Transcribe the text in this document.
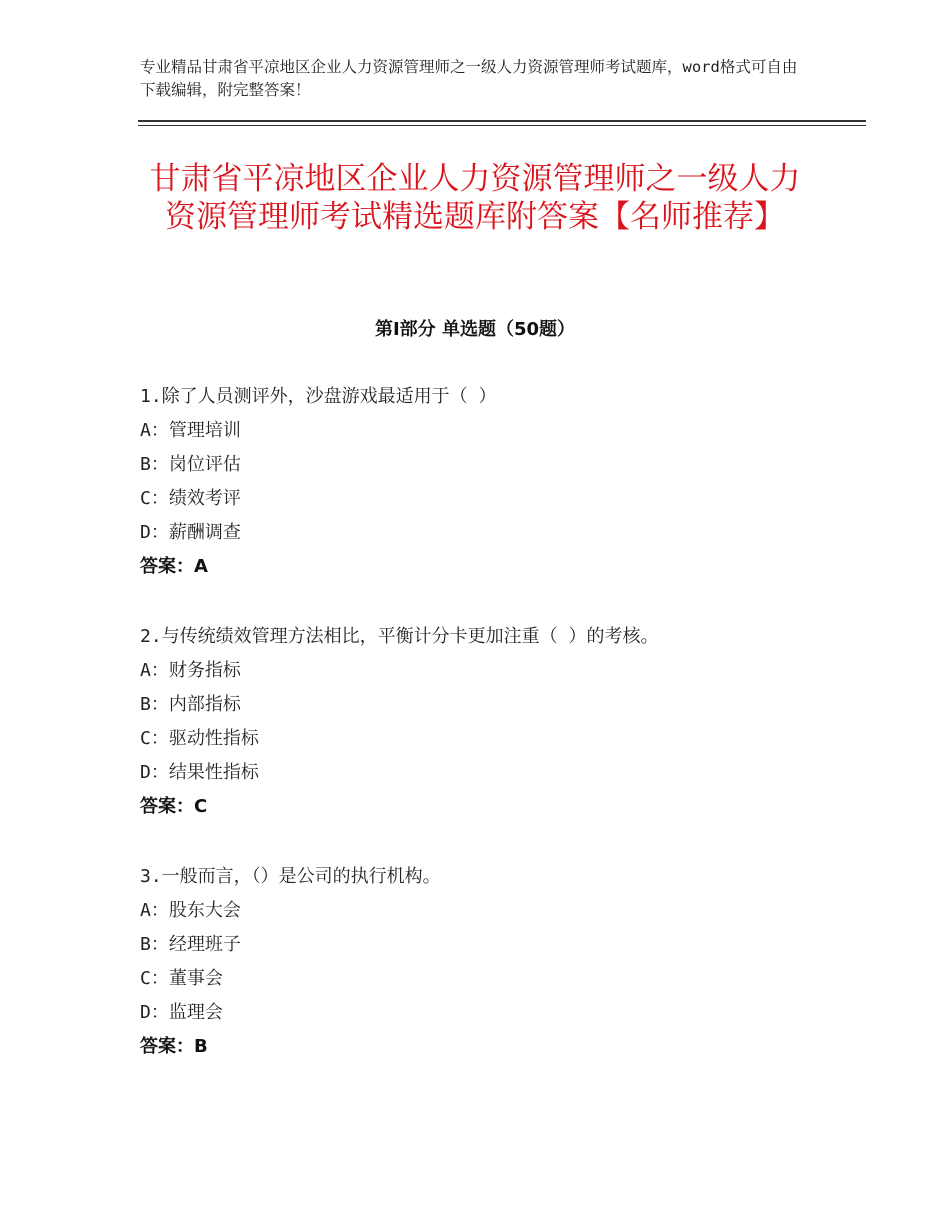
专业精品甘肃省平凉地区企业人力资源管理师之一级人力资源管理师考试题库，word格式可自由下载编辑，附完整答案！
甘肃省平凉地区企业人力资源管理师之一级人力资源管理师考试精选题库附答案【名师推荐】
第Ⅰ部分 单选题（50题）
1.除了人员测评外，沙盘游戏最适用于（ ）
A：管理培训
B：岗位评估
C：绩效考评
D：薪酬调查
答案：A
2.与传统绩效管理方法相比，平衡计分卡更加注重（ ）的考核。
A：财务指标
B：内部指标
C：驱动性指标
D：结果性指标
答案：C
3.一般而言，（）是公司的执行机构。
A：股东大会
B：经理班子
C：董事会
D：监理会
答案：B
